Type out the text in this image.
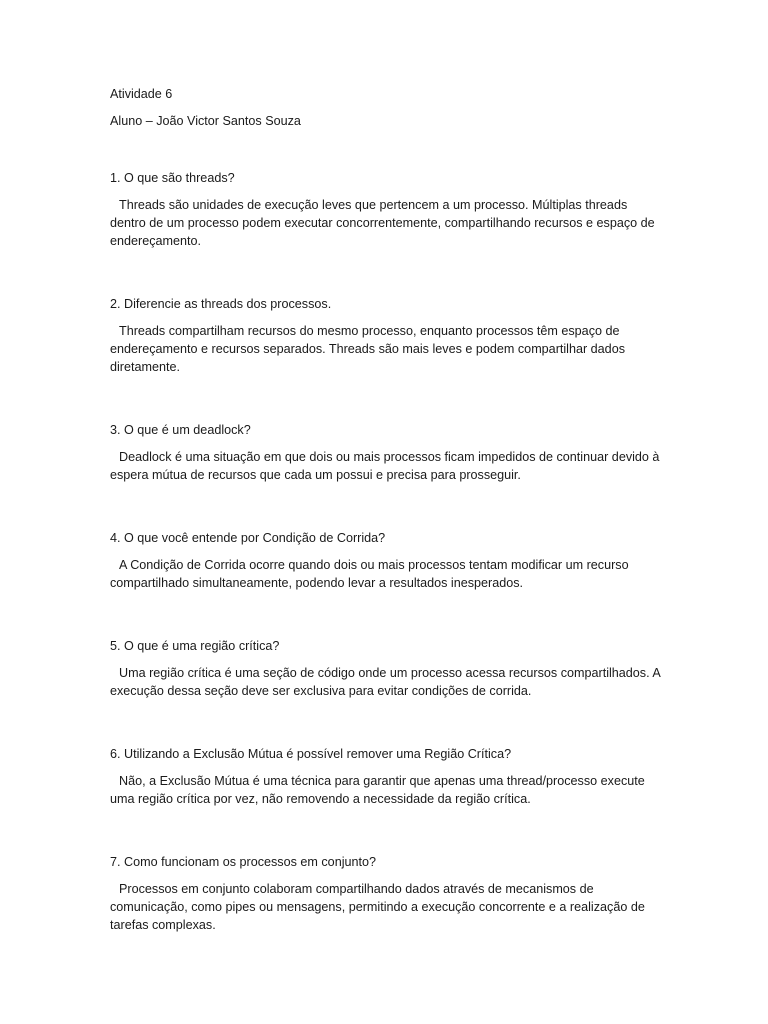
Atividade 6

Aluno – João Victor Santos Souza

1. O que são threads?

Threads são unidades de execução leves que pertencem a um processo. Múltiplas threads dentro de um processo podem executar concorrentemente, compartilhando recursos e espaço de endereçamento.

2. Diferencie as threads dos processos.

Threads compartilham recursos do mesmo processo, enquanto processos têm espaço de endereçamento e recursos separados. Threads são mais leves e podem compartilhar dados diretamente.

3. O que é um deadlock?

Deadlock é uma situação em que dois ou mais processos ficam impedidos de continuar devido à espera mútua de recursos que cada um possui e precisa para prosseguir.

4. O que você entende por Condição de Corrida?

A Condição de Corrida ocorre quando dois ou mais processos tentam modificar um recurso compartilhado simultaneamente, podendo levar a resultados inesperados.

5. O que é uma região crítica?

Uma região crítica é uma seção de código onde um processo acessa recursos compartilhados. A execução dessa seção deve ser exclusiva para evitar condições de corrida.

6. Utilizando a Exclusão Mútua é possível remover uma Região Crítica?

Não, a Exclusão Mútua é uma técnica para garantir que apenas uma thread/processo execute uma região crítica por vez, não removendo a necessidade da região crítica.

7. Como funcionam os processos em conjunto?

Processos em conjunto colaboram compartilhando dados através de mecanismos de comunicação, como pipes ou mensagens, permitindo a execução concorrente e a realização de tarefas complexas.
